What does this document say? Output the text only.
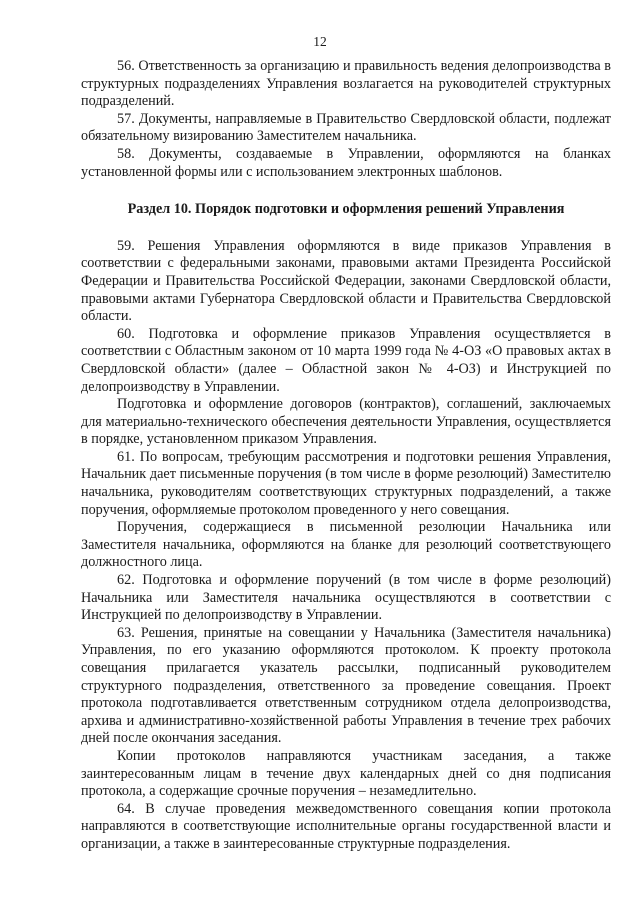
12

56. Ответственность за организацию и правильность ведения делопроизводства в структурных подразделениях Управления возлагается на руководителей структурных подразделений.

57. Документы, направляемые в Правительство Свердловской области, подлежат обязательному визированию Заместителем начальника.

58. Документы, создаваемые в Управлении, оформляются на бланках установленной формы или с использованием электронных шаблонов.

Раздел 10. Порядок подготовки и оформления решений Управления

59. Решения Управления оформляются в виде приказов Управления в соответствии с федеральными законами, правовыми актами Президента Российской Федерации и Правительства Российской Федерации, законами Свердловской области, правовыми актами Губернатора Свердловской области и Правительства Свердловской области.

60. Подготовка и оформление приказов Управления осуществляется в соответствии с Областным законом от 10 марта 1999 года № 4-ОЗ «О правовых актах в Свердловской области» (далее – Областной закон № 4-ОЗ) и Инструкцией по делопроизводству в Управлении.

Подготовка и оформление договоров (контрактов), соглашений, заключаемых для материально-технического обеспечения деятельности Управления, осуществляется в порядке, установленном приказом Управления.

61. По вопросам, требующим рассмотрения и подготовки решения Управления, Начальник дает письменные поручения (в том числе в форме резолюций) Заместителю начальника, руководителям соответствующих структурных подразделений, а также поручения, оформляемые протоколом проведенного у него совещания.

Поручения, содержащиеся в письменной резолюции Начальника или Заместителя начальника, оформляются на бланке для резолюций соответствующего должностного лица.

62. Подготовка и оформление поручений (в том числе в форме резолюций) Начальника или Заместителя начальника осуществляются в соответствии с Инструкцией по делопроизводству в Управлении.

63. Решения, принятые на совещании у Начальника (Заместителя начальника) Управления, по его указанию оформляются протоколом. К проекту протокола совещания прилагается указатель рассылки, подписанный руководителем структурного подразделения, ответственного за проведение совещания. Проект протокола подготавливается ответственным сотрудником отдела делопроизводства, архива и административно-хозяйственной работы Управления в течение трех рабочих дней после окончания заседания.

Копии протоколов направляются участникам заседания, а также заинтересованным лицам в течение двух календарных дней со дня подписания протокола, а содержащие срочные поручения – незамедлительно.

64. В случае проведения межведомственного совещания копии протокола направляются в соответствующие исполнительные органы государственной власти и организации, а также в заинтересованные структурные подразделения.
